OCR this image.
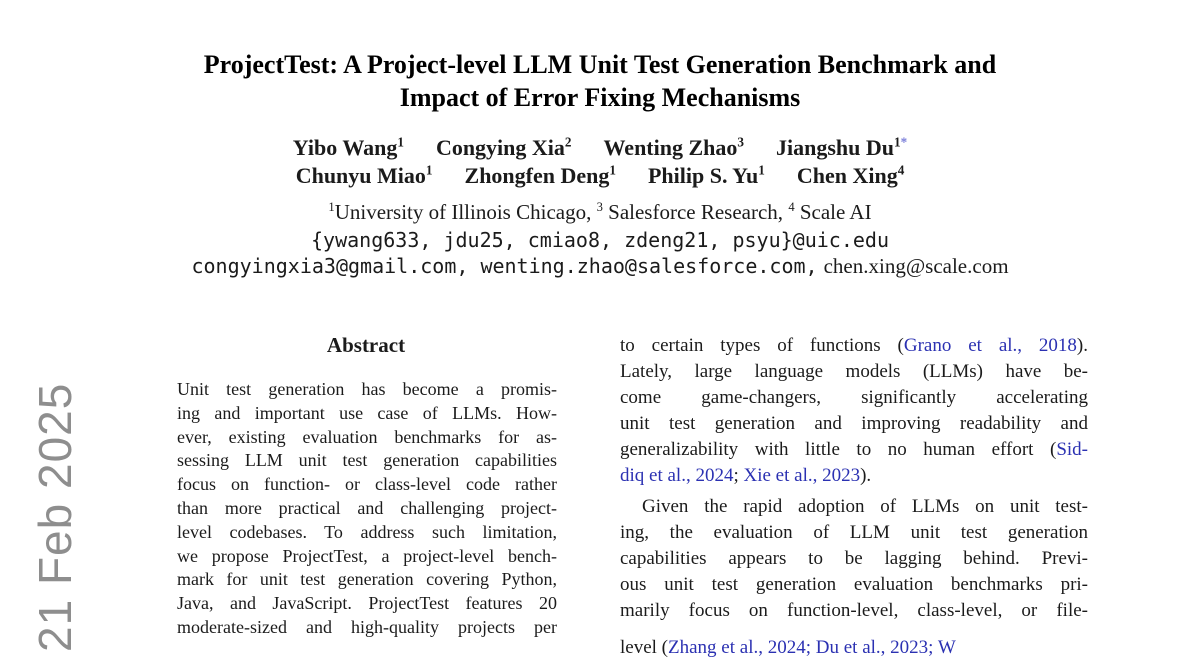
21 Feb 2025
ProjectTest: A Project-level LLM Unit Test Generation Benchmark and
Impact of Error Fixing Mechanisms
Yibo Wang$^1$ Congying Xia$^2$ Wenting Zhao$^3$ Jiangshu $Du^{1*}$
Chunyu Miao$^1$ Zhongfen Deng$^1$ Philip S. Yu$^1$ Chen Xing$^4$
$^1$University of Illinois Chicago, $^3$ Salesforce Research, $^4$ Scale AI
{ywang633, jdu25, cmiao8, zdeng21, psyu}@uic.edu
congyingxia3@gmail.com, wenting.zhao@salesforce.com, chen.xing@scale.com
Abstract
Unit test generation has become a promis-
ing and important use case of LLMs. How-
ever, existing evaluation benchmarks for as-
sessing LLM unit test generation capabilities
focus on function- or class-level code rather
than more practical and challenging project-
level codebases. To address such limitation,
we propose ProjectTest, a project-level bench-
mark for unit test generation covering Python,
Java, and JavaScript. ProjectTest features 20
moderate-sized and high-quality projects per
to certain types of functions (Grano et al., 2018).
Lately, large language models (LLMs) have be-
come game-changers, significantly accelerating
unit test generation and improving readability and
generalizability with little to no human effort (Sid-
diq et al., 2024; Xie et al., 2023).
Given the rapid adoption of LLMs on unit test-
ing, the evaluation of LLM unit test generation
capabilities appears to be lagging behind. Previ-
ous unit test generation evaluation benchmarks pri-
marily focus on function-level, class-level, or file-
level (Zhang et al., 2024; Du et al., 2023; W
